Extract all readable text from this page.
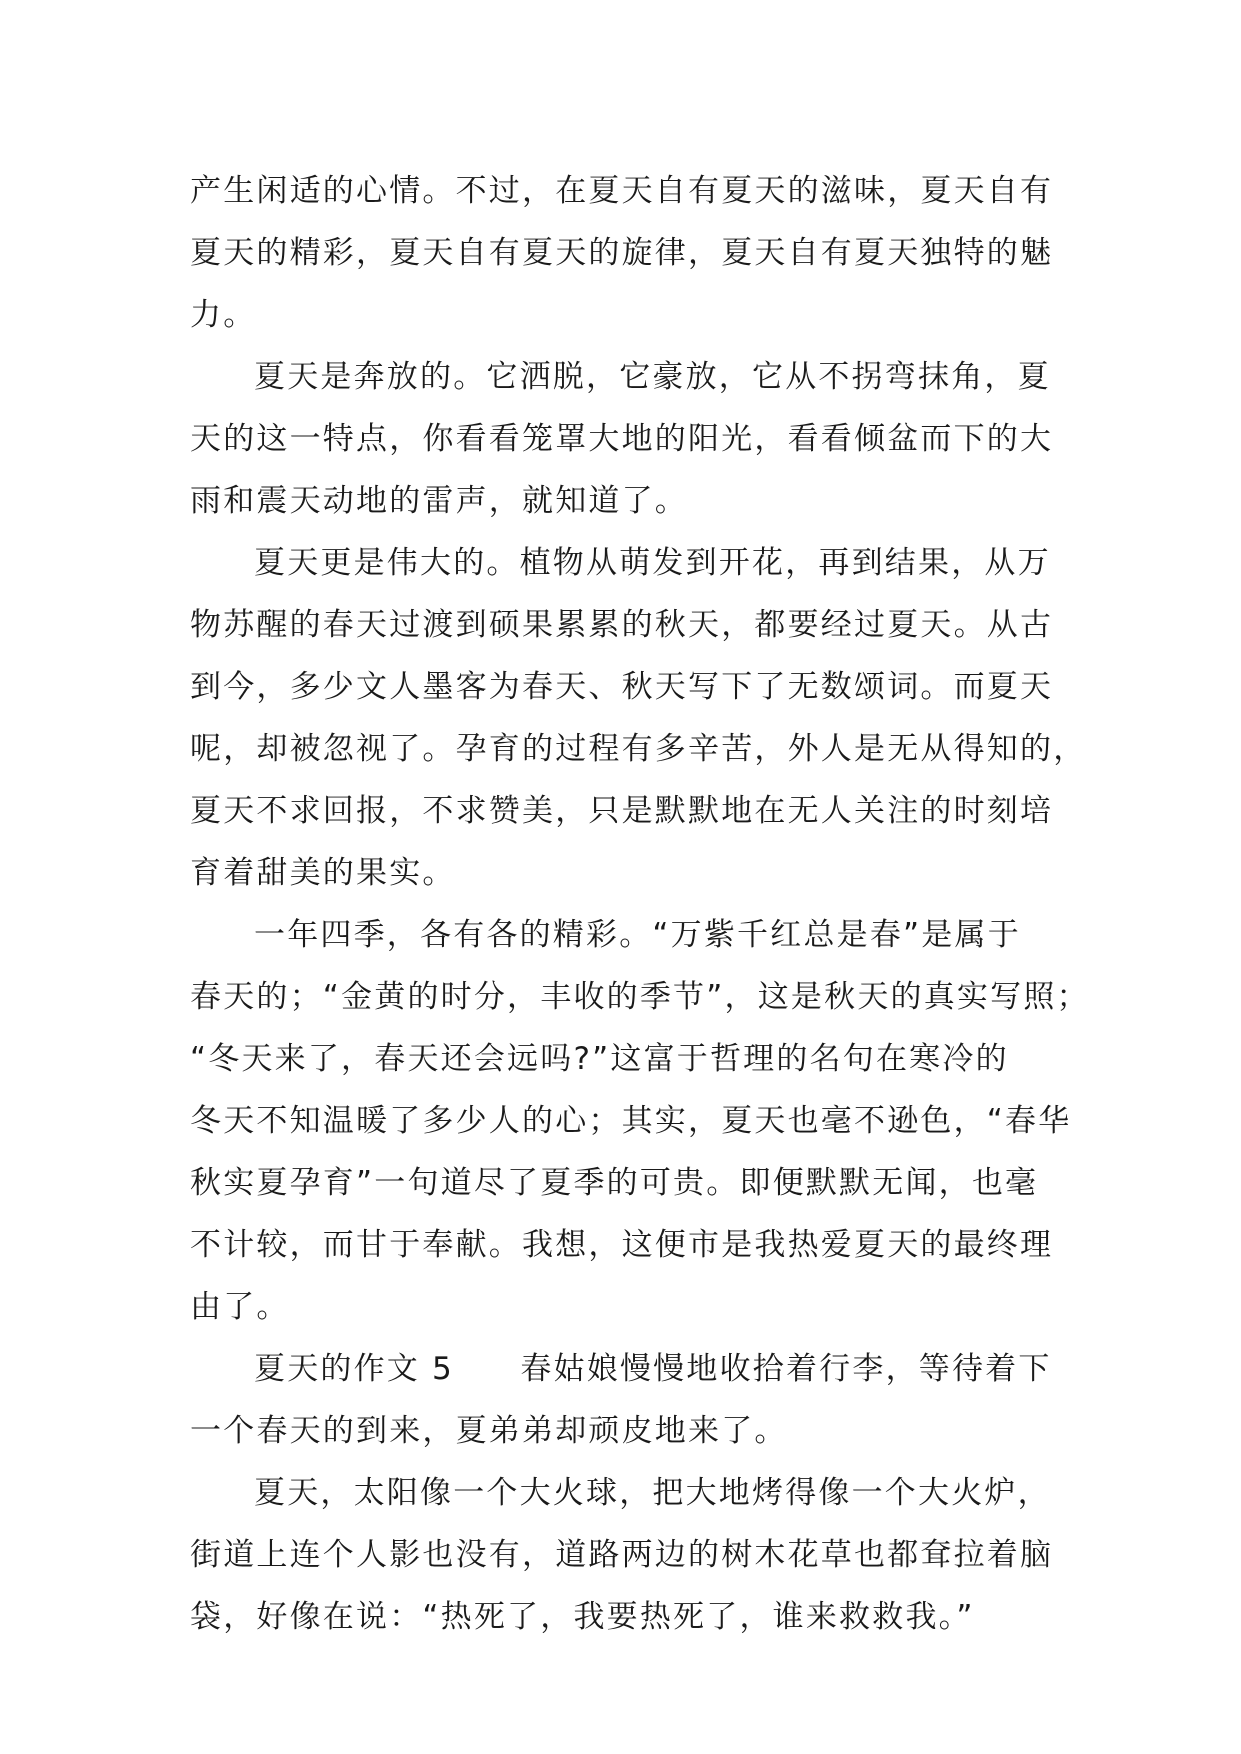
产生闲适的心情。不过，在夏天自有夏天的滋味，夏天自有
夏天的精彩，夏天自有夏天的旋律，夏天自有夏天独特的魅
力。
夏天是奔放的。它洒脱，它豪放，它从不拐弯抹角，夏
天的这一特点，你看看笼罩大地的阳光，看看倾盆而下的大
雨和震天动地的雷声，就知道了。
夏天更是伟大的。植物从萌发到开花，再到结果，从万
物苏醒的春天过渡到硕果累累的秋天，都要经过夏天。从古
到今，多少文人墨客为春天、秋天写下了无数颂词。而夏天
呢，却被忽视了。孕育的过程有多辛苦，外人是无从得知的，
夏天不求回报，不求赞美，只是默默地在无人关注的时刻培
育着甜美的果实。
一年四季，各有各的精彩。“万紫千红总是春”是属于
春天的；“金黄的时分，丰收的季节”，这是秋天的真实写照；
“冬天来了，春天还会远吗?”这富于哲理的名句在寒冷的
冬天不知温暖了多少人的心；其实，夏天也毫不逊色，“春华
秋实夏孕育”一句道尽了夏季的可贵。即便默默无闻，也毫
不计较，而甘于奉献。我想，这便市是我热爱夏天的最终理
由了。
夏天的作文 5　　春姑娘慢慢地收拾着行李，等待着下
一个春天的到来，夏弟弟却顽皮地来了。
夏天，太阳像一个大火球，把大地烤得像一个大火炉，
街道上连个人影也没有，道路两边的树木花草也都耷拉着脑
袋，好像在说：“热死了，我要热死了，谁来救救我。”
